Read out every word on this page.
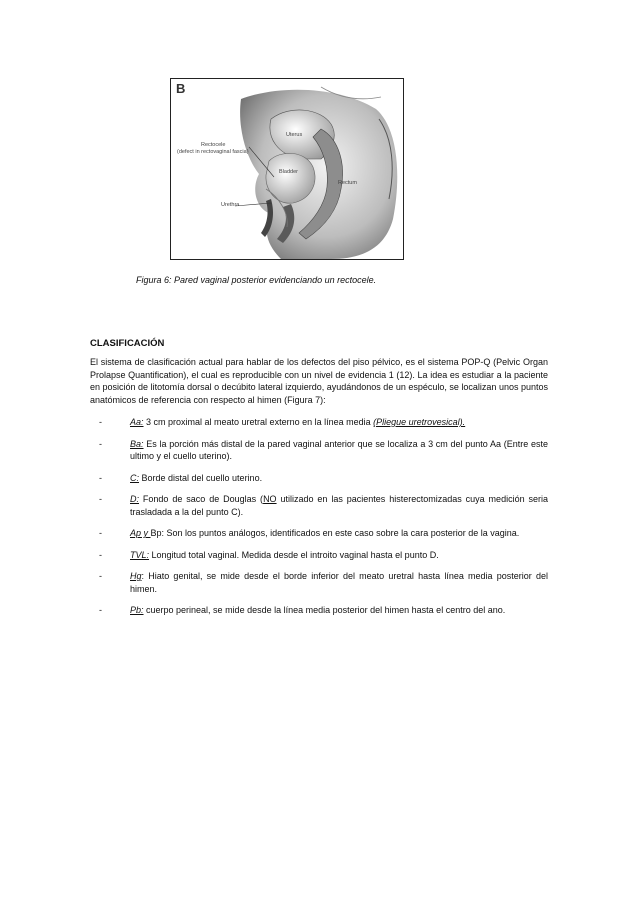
B
Rectocele
(defect in rectovaginal fascia)
Uterus
Bladder
Rectum
Urethra
Figura 6: Pared vaginal posterior evidenciando un rectocele.
CLASIFICACIÓN

El sistema de clasificación actual para hablar de los defectos del piso pélvico, es el sistema POP-Q (Pelvic Organ Prolapse Quantification), el cual es reproducible con un nivel de evidencia 1 (12). La idea es estudiar a la paciente en posición de litotomía dorsal o decúbito lateral izquierdo, ayudándonos de un espéculo, se localizan unos puntos anatómicos de referencia con respecto al himen (Figura 7):

-	Aa: 3 cm proximal al meato uretral externo en la línea media (Pliegue uretrovesical).
-	Ba: Es la porción más distal de la pared vaginal anterior que se localiza a 3 cm del punto Aa (Entre este ultimo y el cuello uterino).
-	C: Borde distal del cuello uterino.
-	D: Fondo de saco de Douglas (NO utilizado en las pacientes histerectomizadas cuya medición seria trasladada a la del punto C).
-	Ap y Bp: Son los puntos análogos, identificados en este caso sobre la cara posterior de la vagina.
-	TVL: Longitud total vaginal. Medida desde el introito vaginal hasta el punto D.
-	Hg: Hiato genital, se mide desde el borde inferior del meato uretral hasta línea media posterior del himen.
-	Pb: cuerpo perineal, se mide desde la línea media posterior del himen hasta el centro del ano.
